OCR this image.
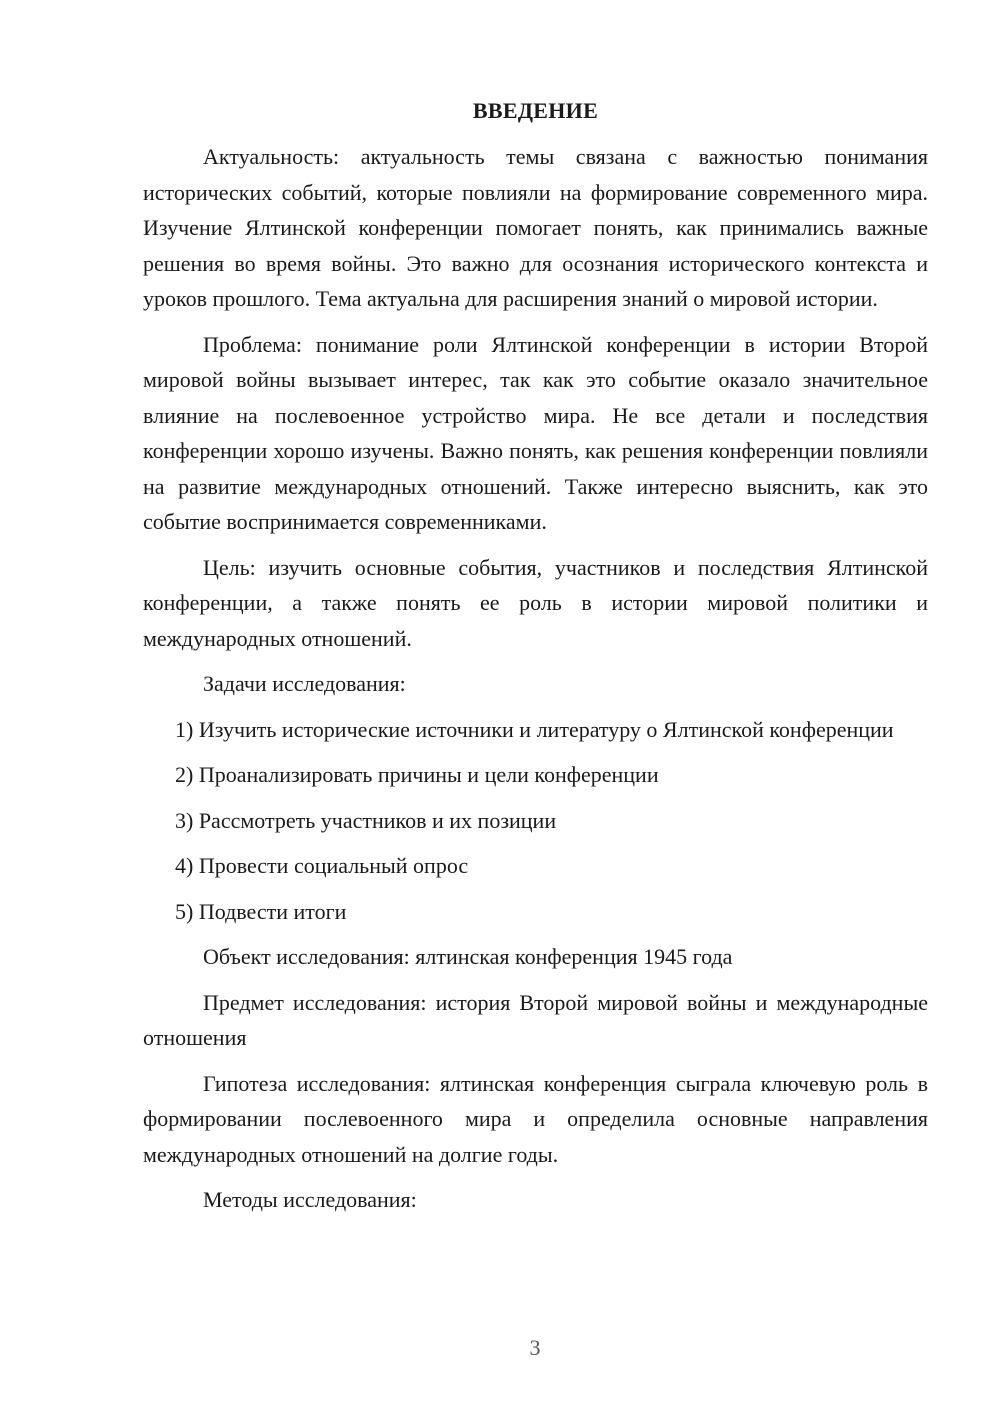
ВВЕДЕНИЕ

Актуальность: актуальность темы связана с важностью понимания исторических событий, которые повлияли на формирование современного мира. Изучение Ялтинской конференции помогает понять, как принимались важные решения во время войны. Это важно для осознания исторического контекста и уроков прошлого. Тема актуальна для расширения знаний о мировой истории.

Проблема: понимание роли Ялтинской конференции в истории Второй мировой войны вызывает интерес, так как это событие оказало значительное влияние на послевоенное устройство мира. Не все детали и последствия конференции хорошо изучены. Важно понять, как решения конференции повлияли на развитие международных отношений. Также интересно выяснить, как это событие воспринимается современниками.

Цель: изучить основные события, участников и последствия Ялтинской конференции, а также понять ее роль в истории мировой политики и международных отношений.

Задачи исследования:

1) Изучить исторические источники и литературу о Ялтинской конференции

2) Проанализировать причины и цели конференции

3) Рассмотреть участников и их позиции

4) Провести социальный опрос

5) Подвести итоги

Объект исследования: ялтинская конференция 1945 года

Предмет исследования: история Второй мировой войны и международные отношения

Гипотеза исследования: ялтинская конференция сыграла ключевую роль в формировании послевоенного мира и определила основные направления международных отношений на долгие годы.

Методы исследования:

3
